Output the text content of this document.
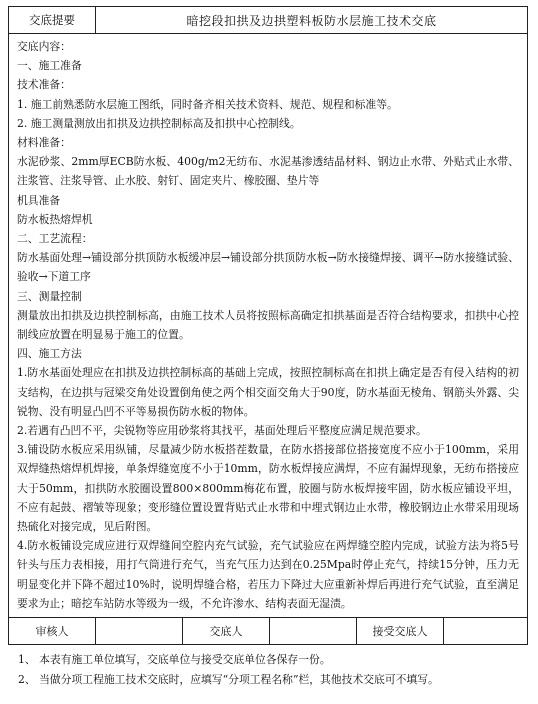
交底提要	暗挖段扣拱及边拱塑料板防水层施工技术交底

交底内容：

一、施工准备

技术准备：

1. 施工前熟悉防水层施工图纸，同时备齐相关技术资料、规范、规程和标准等。

2. 施工测量测放出扣拱及边拱控制标高及扣拱中心控制线。

材料准备：

水泥砂浆、2mm厚ECB防水板、400g/m2无纺布、水泥基渗透结晶材料、钢边止水带、外贴式止水带、注浆管、注浆导管、止水胶、射钉、固定夹片、橡胶圈、垫片等

机具准备

防水板热熔焊机

二、工艺流程：

防水基面处理→铺设部分拱顶防水板缓冲层→铺设部分拱顶防水板→防水接缝焊接、调平→防水接缝试验、验收→下道工序

三、测量控制

测量放出扣拱及边拱控制标高，由施工技术人员将按照标高确定扣拱基面是否符合结构要求，扣拱中心控制线应放置在明显易于施工的位置。

四、施工方法

1.防水基面处理应在扣拱及边拱控制标高的基础上完成，按照控制标高在扣拱上确定是否有侵入结构的初支结构，在边拱与冠梁交角处设置倒角使之两个相交面交角大于90度，防水基面无棱角、钢筋头外露、尖锐物、没有明显凸凹不平等易损伤防水板的物体。

2.若遇有凸凹不平，尖锐物等应用砂浆将其找平，基面处理后平整度应满足规范要求。

3.铺设防水板应采用纵铺，尽量减少防水板搭茬数量，在防水搭接部位搭接宽度不应小于100mm，采用双焊缝热熔焊机焊接，单条焊缝宽度不小于10mm，防水板焊接应满焊，不应有漏焊现象，无纺布搭接应大于50mm，扣拱防水胶圈设置800×800mm梅花布置，胶圈与防水板焊接牢固，防水板应铺设平坦，不应有起鼓、褶皱等现象；变形缝位置设置背贴式止水带和中埋式钢边止水带，橡胶钢边止水带采用现场热硫化对接完成，见后附图。

4.防水板铺设完成应进行双焊缝间空腔内充气试验，充气试验应在两焊缝空腔内完成，试验方法为将5号针头与压力表相接，用打气筒进行充气，当充气压力达到在0.25Mpa时停止充气，持续15分钟，压力无明显变化并下降不超过10%时，说明焊缝合格，若压力下降过大应重新补焊后再进行充气试验，直至满足要求为止；暗挖车站防水等级为一级，不允许渗水、结构表面无湿渍。

审核人	交底人	接受交底人

1、 本表有施工单位填写，交底单位与接受交底单位各保存一份。

2、 当做分项工程施工技术交底时，应填写“分项工程名称”栏，其他技术交底可不填写。
